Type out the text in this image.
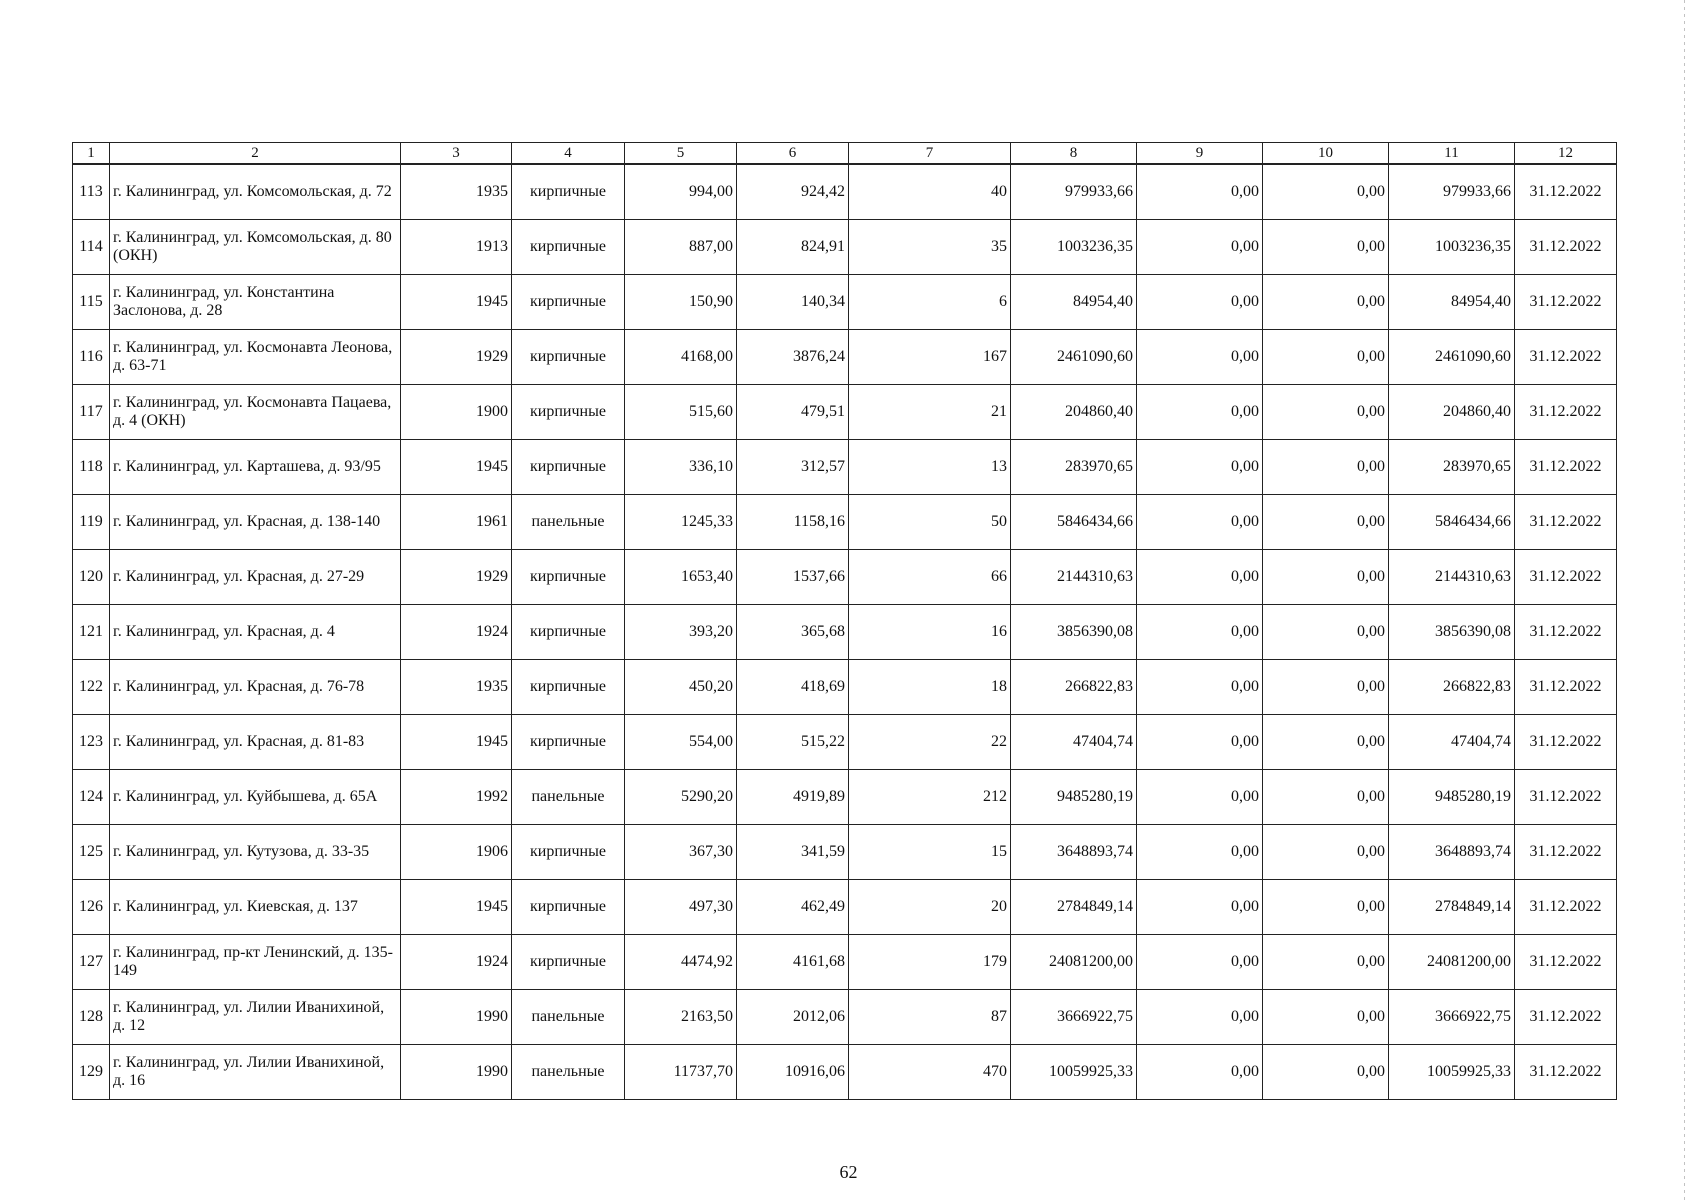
1	2	3	4	5	6	7	8	9	10	11	12
113	г. Калининград, ул. Комсомольская, д. 72	1935	кирпичные	994,00	924,42	40	979933,66	0,00	0,00	979933,66	31.12.2022
114	г. Калининград, ул. Комсомольская, д. 80 (ОКН)	1913	кирпичные	887,00	824,91	35	1003236,35	0,00	0,00	1003236,35	31.12.2022
115	г. Калининград, ул. Константина Заслонова, д. 28	1945	кирпичные	150,90	140,34	6	84954,40	0,00	0,00	84954,40	31.12.2022
116	г. Калининград, ул. Космонавта Леонова, д. 63-71	1929	кирпичные	4168,00	3876,24	167	2461090,60	0,00	0,00	2461090,60	31.12.2022
117	г. Калининград, ул. Космонавта Пацаева, д. 4 (ОКН)	1900	кирпичные	515,60	479,51	21	204860,40	0,00	0,00	204860,40	31.12.2022
118	г. Калининград, ул. Карташева, д. 93/95	1945	кирпичные	336,10	312,57	13	283970,65	0,00	0,00	283970,65	31.12.2022
119	г. Калининград, ул. Красная, д. 138-140	1961	панельные	1245,33	1158,16	50	5846434,66	0,00	0,00	5846434,66	31.12.2022
120	г. Калининград, ул. Красная, д. 27-29	1929	кирпичные	1653,40	1537,66	66	2144310,63	0,00	0,00	2144310,63	31.12.2022
121	г. Калининград, ул. Красная, д. 4	1924	кирпичные	393,20	365,68	16	3856390,08	0,00	0,00	3856390,08	31.12.2022
122	г. Калининград, ул. Красная, д. 76-78	1935	кирпичные	450,20	418,69	18	266822,83	0,00	0,00	266822,83	31.12.2022
123	г. Калининград, ул. Красная, д. 81-83	1945	кирпичные	554,00	515,22	22	47404,74	0,00	0,00	47404,74	31.12.2022
124	г. Калининград, ул. Куйбышева, д. 65А	1992	панельные	5290,20	4919,89	212	9485280,19	0,00	0,00	9485280,19	31.12.2022
125	г. Калининград, ул. Кутузова, д. 33-35	1906	кирпичные	367,30	341,59	15	3648893,74	0,00	0,00	3648893,74	31.12.2022
126	г. Калининград, ул. Киевская, д. 137	1945	кирпичные	497,30	462,49	20	2784849,14	0,00	0,00	2784849,14	31.12.2022
127	г. Калининград, пр-кт Ленинский, д. 135-149	1924	кирпичные	4474,92	4161,68	179	24081200,00	0,00	0,00	24081200,00	31.12.2022
128	г. Калининград, ул. Лилии Иванихиной, д. 12	1990	панельные	2163,50	2012,06	87	3666922,75	0,00	0,00	3666922,75	31.12.2022
129	г. Калининград, ул. Лилии Иванихиной, д. 16	1990	панельные	11737,70	10916,06	470	10059925,33	0,00	0,00	10059925,33	31.12.2022
62
